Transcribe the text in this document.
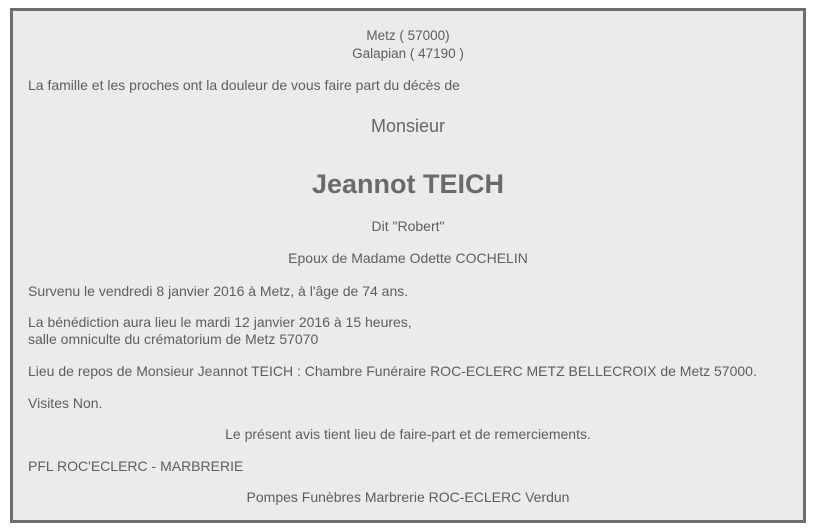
Metz ( 57000)
Galapian ( 47190 )
La famille et les proches ont la douleur de vous faire part du décès de
Monsieur
Jeannot TEICH
Dit "Robert"
Epoux de Madame Odette COCHELIN
Survenu le vendredi 8 janvier 2016 à Metz, à l'âge de 74 ans.
La bénédiction aura lieu le mardi 12 janvier 2016 à 15 heures,
salle omniculte du crématorium de Metz 57070
Lieu de repos de Monsieur Jeannot TEICH : Chambre Funéraire ROC-ECLERC METZ BELLECROIX de Metz 57000.
Visites Non.
Le présent avis tient lieu de faire-part et de remerciements.
PFL ROC'ECLERC - MARBRERIE
Pompes Funèbres Marbrerie ROC-ECLERC Verdun
